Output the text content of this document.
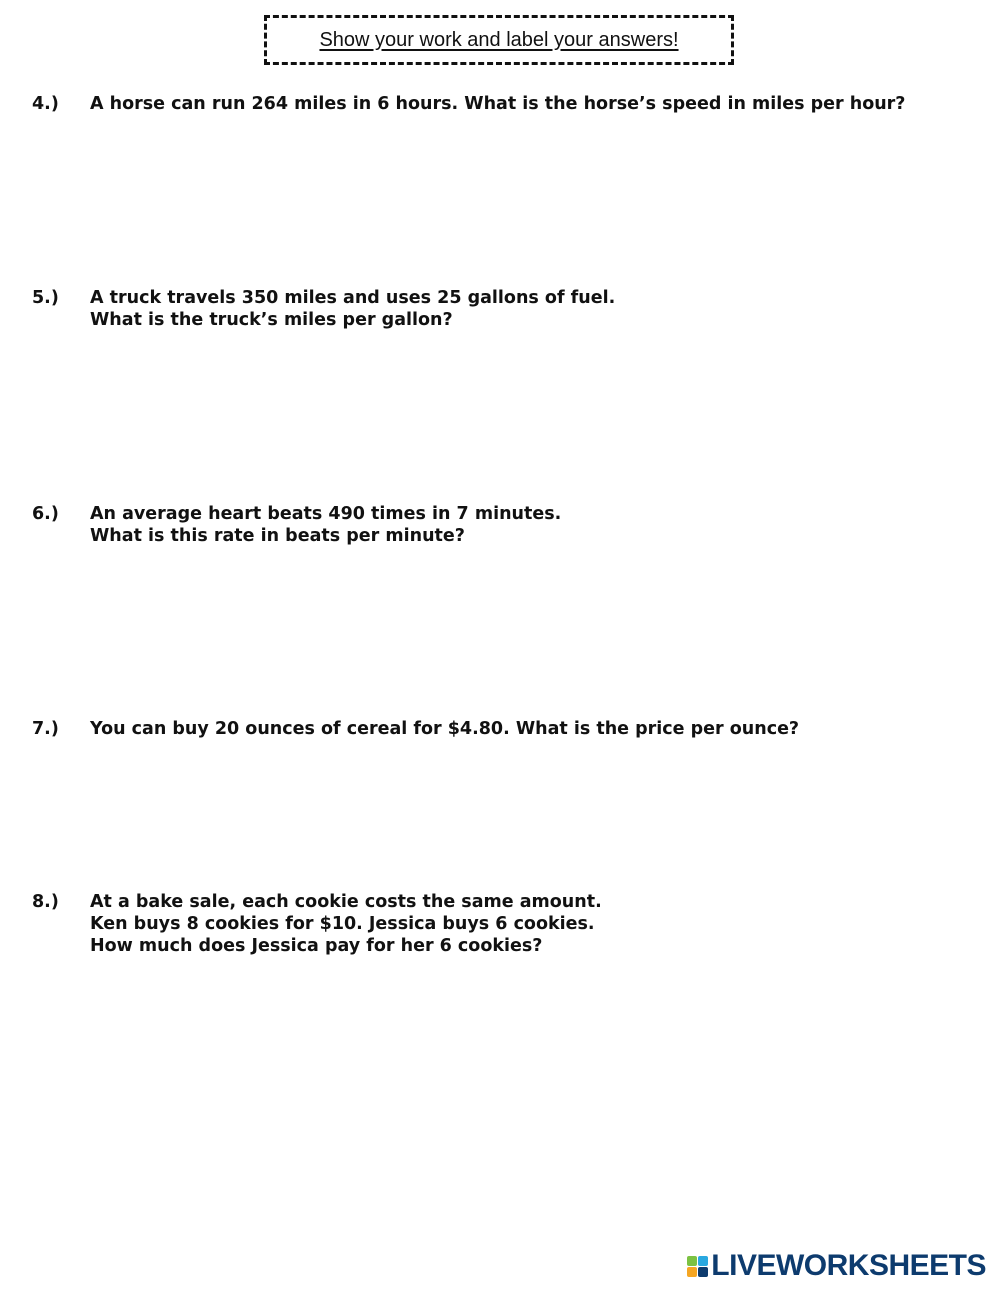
Show your work and label your answers!
4.)	A horse can run 264 miles in 6 hours. What is the horse’s speed in miles per hour?
5.)	A truck travels 350 miles and uses 25 gallons of fuel.
What is the truck’s miles per gallon?
6.)	An average heart beats 490 times in 7 minutes.
What is this rate in beats per minute?
7.)	You can buy 20 ounces of cereal for $4.80. What is the price per ounce?
8.)	At a bake sale, each cookie costs the same amount.
Ken buys 8 cookies for $10. Jessica buys 6 cookies.
How much does Jessica pay for her 6 cookies?
LIVEWORKSHEETS
